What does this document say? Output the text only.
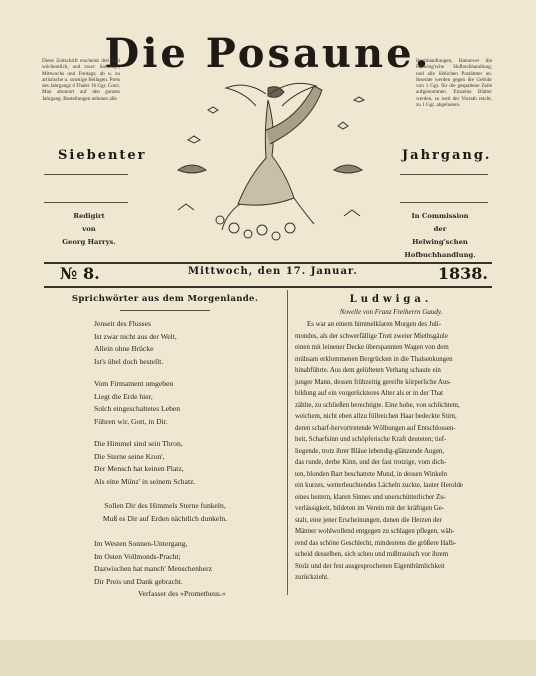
Die Posaune.
Diese Zeitschrift erscheint drei Mal wöchentlich, und zwar: Sonntags, Mittwochs und Freitags; ab u. zu artistische u. sonstige Beilagen. Preis des Jahrgangs 4 Thaler 16 Ggr. Conv. Man abonnirt auf den ganzen Jahrgang. Bestellungen nehmen alle
Buchhandlungen, Hannover die Helwing'sche Hofbuchhandlung, und alle löblichen Postämter an. Inserate werden gegen die Gebühr von 1 Ggr. für die gespaltene Zeile aufgenommen. Einzelne Blätter werden, so weit der Vorrath reicht, zu 1 Ggr. abgelassen.
Siebenter	Jahrgang.
Redigirt
von
Georg Harrys.
In Commission
der
Helwing'schen
Hofbuchhandlung.
№ 8.	Mittwoch, den 17. Januar.	1838.
Sprichwörter aus dem Morgenlande.
Jenseit des Flusses
Ist zwar nicht aus der Welt,
Allein ohne Brücke
Ist's übel doch bestellt.
Vom Firmament umgeben
Liegt die Erde hier,
Solch eingeschaltetes Leben
Führen wir, Gott, in Dir.
Die Himmel sind sein Thron,
Die Sterne seine Kron',
Der Mensch hat keinen Platz,
Als eine Münz' in seinem Schatz.
Sollen Dir des Himmels Sterne funkeln,
Muß es Dir auf Erden nächtlich dunkeln.
Im Westen Sonnen-Untergang,
Im Osten Vollmonds-Pracht;
Dazwischen hat manch' Menschenherz
Dir Preis und Dank gebracht.
Verfasser des »Prometheus.«
Ludwiga.
Novelle von Franz Freiherrn Gaudy.
Es war an einem himmelklaren Morgen des Juli-
mondes, als der schwerfällige Trott zweier Miethsgäule
einen mit leinener Decke überspannten Wagen von dem
mühsam erklommenen Bergrücken in die Thalsenkungen
hinabführte. Aus dem gelüfteten Verhang schaute ein
junger Mann, dessen frühzeitig gereifte körperliche Aus-
bildung auf ein vorgerückteres Alter als er in der That
zählte, zu schließen berechtigte. Eine hohe, von schlichtem,
weichem, nicht eben allzu füllreichen Haar bedeckte Stirn,
deren scharf-hervortretende Wölbungen auf Entschlossen-
heit, Scharfsinn und schöpferische Kraft deuteten; tief-
liegende, trotz ihrer Bläue lebendig-glänzende Augen,
das runde, derbe Kinn, und der fast trotzige, vom dich-
ten, blonden Bart beschattete Mund, in dessen Winkeln
ein kurzes, wetterleuchtendes Lächeln zuckte, lauter Herolde
eines heitern, klaren Sinnes und unerschütterlicher Zu-
verlässigkeit, bildeten im Verein mit der kräftigen Ge-
stalt, eine jener Erscheinungen, denen die Herzen der
Männer wohlwollend entgegen zu schlagen pflegen, wäh-
rend das schöne Geschlecht, mindestens die größere Halb-
scheid desselben, sich scheu und mißtrauisch vor ihrem
Stolz und der fest ausgesprochenen Eigenthümlichkeit
zurückzieht.
